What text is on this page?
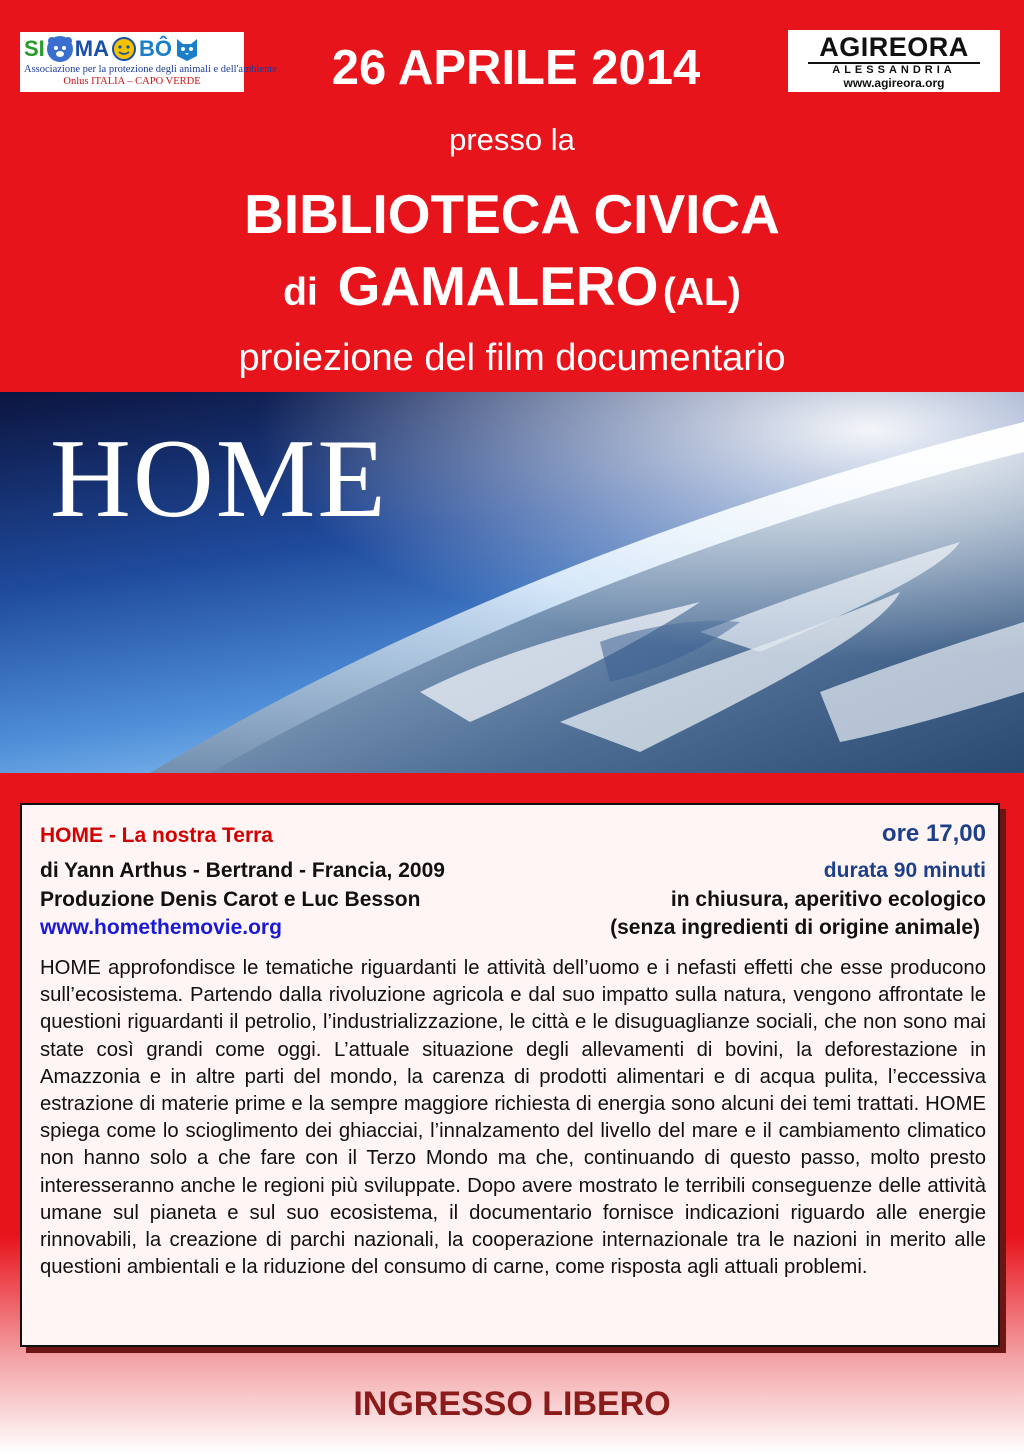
SI MA BÔ
Associazione per la protezione degli animali e dell'ambiente
Onlus ITALIA – CAPO VERDE	26 APRILE 2014	AGIREORA
ALESSANDRIA
www.agireora.org
presso la
BIBLIOTECA CIVICA
di GAMALERO (AL)
proiezione del film documentario
HOME
HOME - La nostra Terra
di Yann Arthus - Bertrand - Francia, 2009
Produzione Denis Carot e Luc Besson
www.homethemovie.org
ore 17,00
durata 90 minuti
in chiusura, aperitivo ecologico
(senza ingredienti di origine animale)

HOME approfondisce le tematiche riguardanti le attività dell’uomo e i nefasti effetti che esse producono sull’ecosistema. Partendo dalla rivoluzione agricola e dal suo impatto sulla natura, vengono affrontate le questioni riguardanti il petrolio, l’industrializzazione, le città e le disuguaglianze sociali, che non sono mai state così grandi come oggi. L’attuale situazione degli allevamenti di bovini, la deforestazione in Amazzonia e in altre parti del mondo, la carenza di prodotti alimentari e di acqua pulita, l’eccessiva estrazione di materie prime e la sempre maggiore richiesta di energia sono alcuni dei temi trattati. HOME spiega come lo scioglimento dei ghiacciai, l’innalzamento del livello del mare e il cambiamento climatico non hanno solo a che fare con il Terzo Mondo ma che, continuando di questo passo, molto presto interesseranno anche le regioni più sviluppate. Dopo avere mostrato le terribili conseguenze delle attività umane sul pianeta e sul suo ecosistema, il documentario fornisce indicazioni riguardo alle energie rinnovabili, la creazione di parchi nazionali, la cooperazione internazionale tra le nazioni in merito alle questioni ambientali e la riduzione del consumo di carne, come risposta agli attuali problemi.

INGRESSO LIBERO
